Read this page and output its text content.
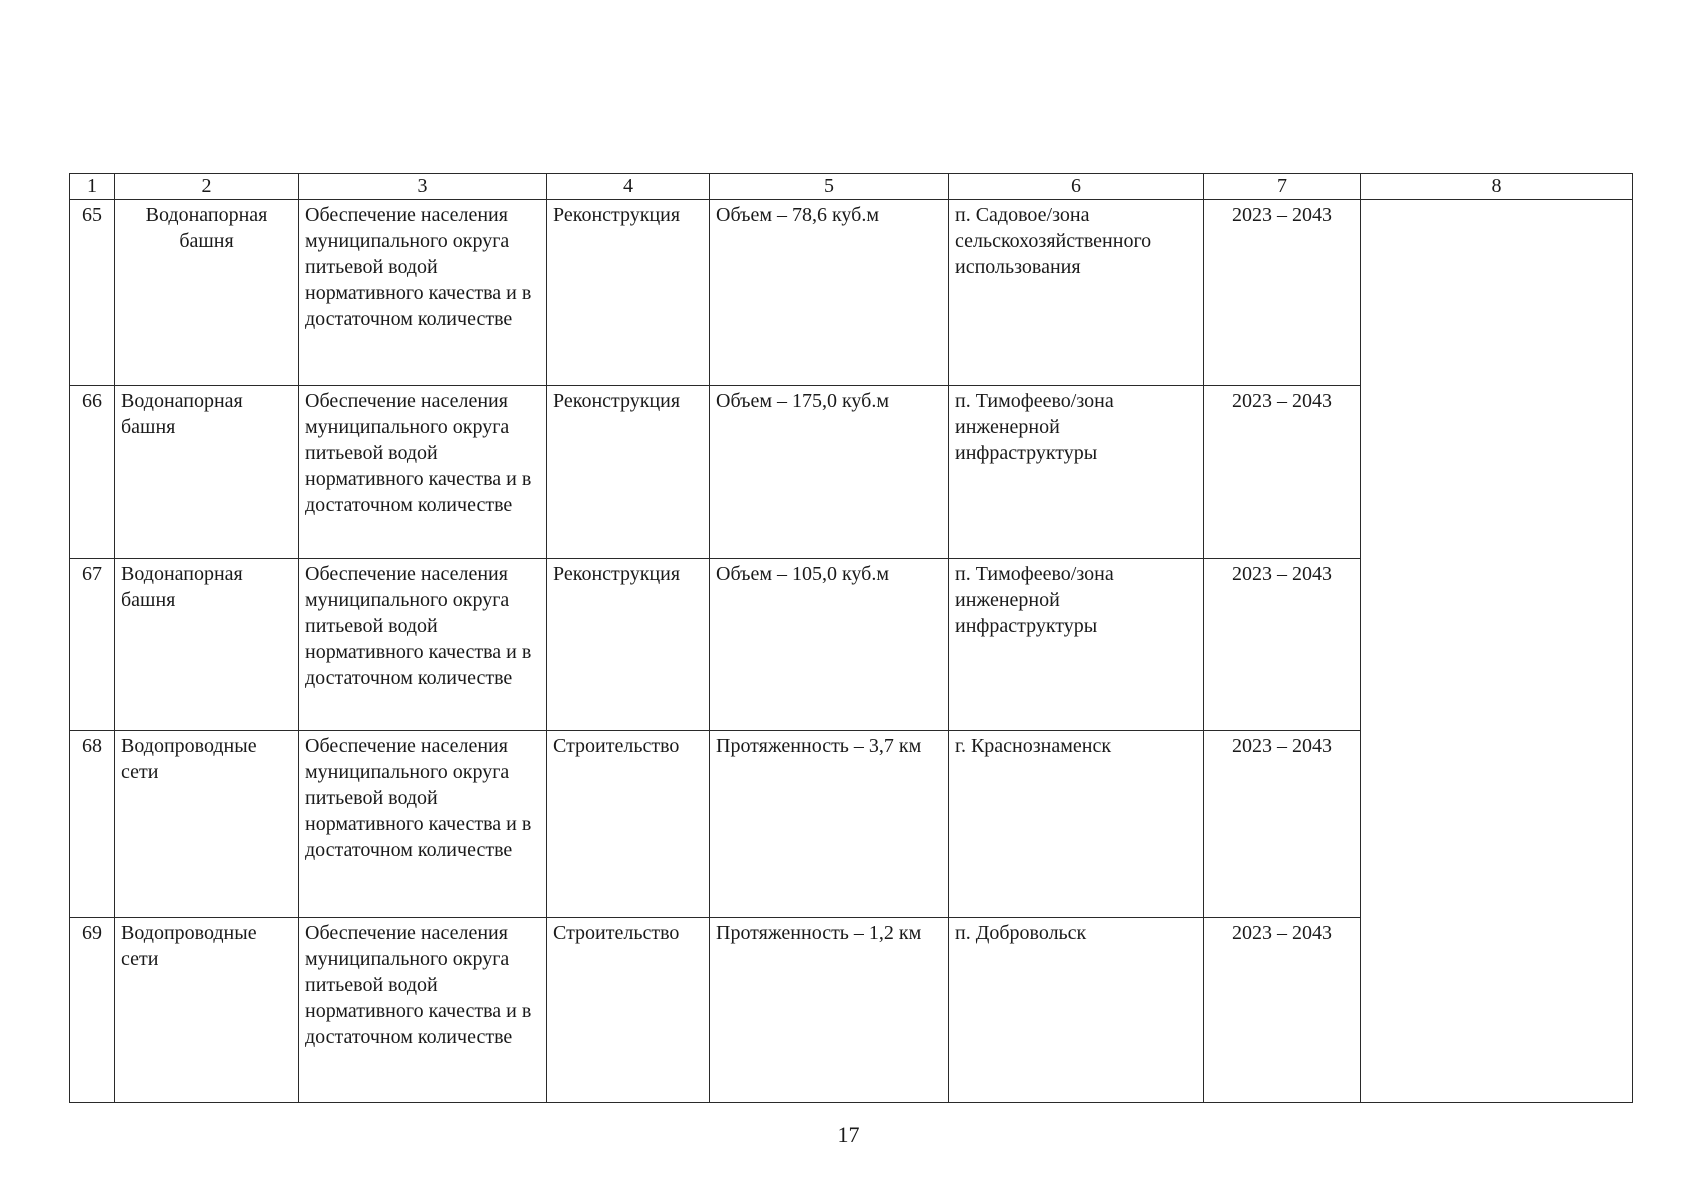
1	2	3	4	5	6	7	8
65	Водонапорная башня	Обеспечение населения муниципального округа питьевой водой нормативного качества и в достаточном количестве	Реконструкция	Объем – 78,6 куб.м	п. Садовое/зона сельскохозяйственного использования	2023 – 2043	
66	Водонапорная башня	Обеспечение населения муниципального округа питьевой водой нормативного качества и в достаточном количестве	Реконструкция	Объем – 175,0 куб.м	п. Тимофеево/зона инженерной инфраструктуры	2023 – 2043	
67	Водонапорная башня	Обеспечение населения муниципального округа питьевой водой нормативного качества и в достаточном количестве	Реконструкция	Объем – 105,0 куб.м	п. Тимофеево/зона инженерной инфраструктуры	2023 – 2043	
68	Водопроводные сети	Обеспечение населения муниципального округа питьевой водой нормативного качества и в достаточном количестве	Строительство	Протяженность – 3,7 км	г. Краснознаменск	2023 – 2043	
69	Водопроводные сети	Обеспечение населения муниципального округа питьевой водой нормативного качества и в достаточном количестве	Строительство	Протяженность – 1,2 км	п. Добровольск	2023 – 2043	
17
